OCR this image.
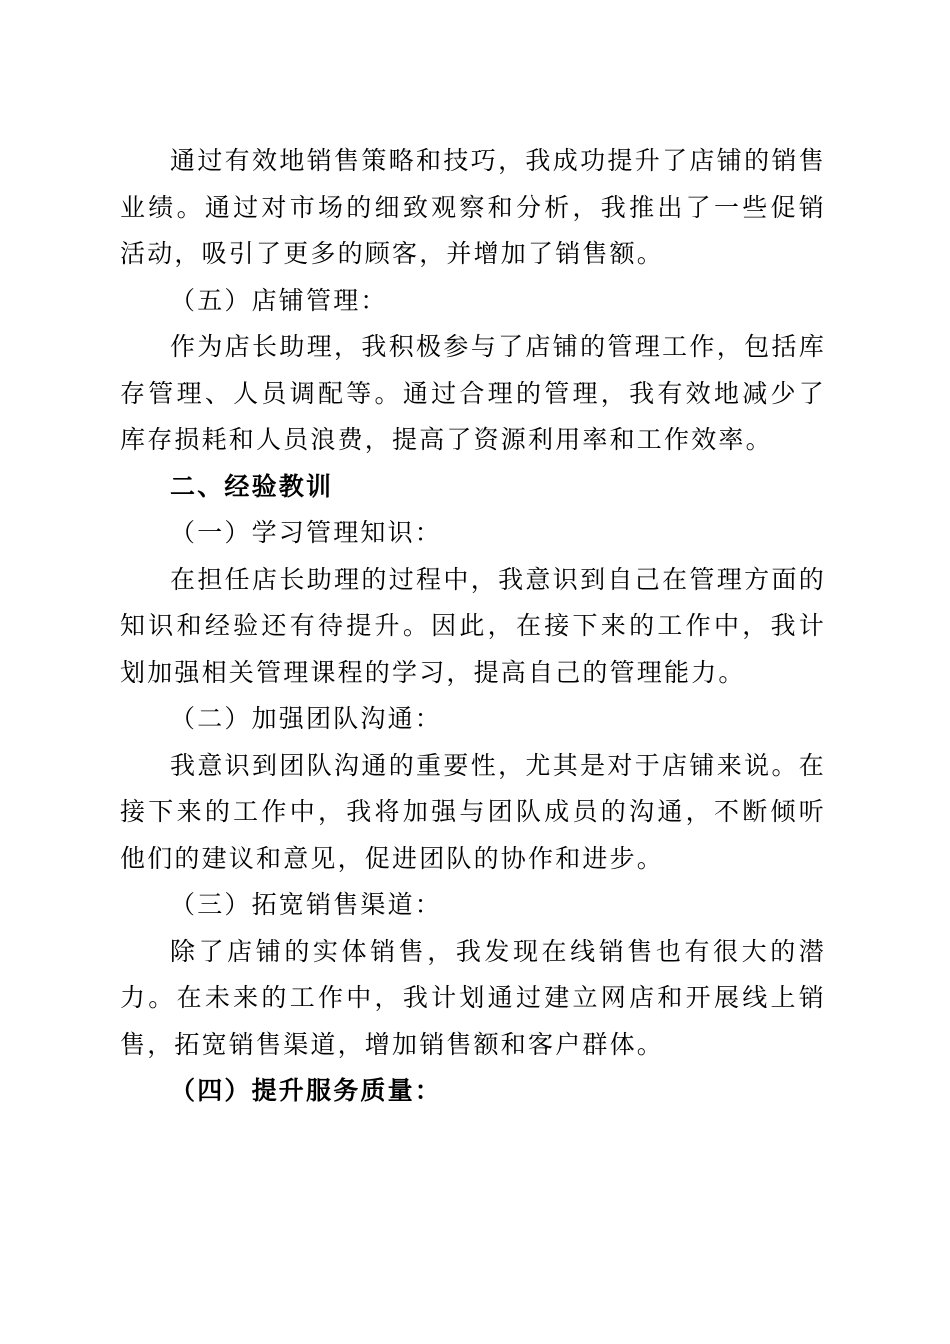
通过有效地销售策略和技巧，我成功提升了店铺的销售业绩。通过对市场的细致观察和分析，我推出了一些促销活动，吸引了更多的顾客，并增加了销售额。

（五）店铺管理：

作为店长助理，我积极参与了店铺的管理工作，包括库存管理、人员调配等。通过合理的管理，我有效地减少了库存损耗和人员浪费，提高了资源利用率和工作效率。

二、经验教训

（一）学习管理知识：

在担任店长助理的过程中，我意识到自己在管理方面的知识和经验还有待提升。因此，在接下来的工作中，我计划加强相关管理课程的学习，提高自己的管理能力。

（二）加强团队沟通：

我意识到团队沟通的重要性，尤其是对于店铺来说。在接下来的工作中，我将加强与团队成员的沟通，不断倾听他们的建议和意见，促进团队的协作和进步。

（三）拓宽销售渠道：

除了店铺的实体销售，我发现在线销售也有很大的潜力。在未来的工作中，我计划通过建立网店和开展线上销售，拓宽销售渠道，增加销售额和客户群体。

（四）提升服务质量：
